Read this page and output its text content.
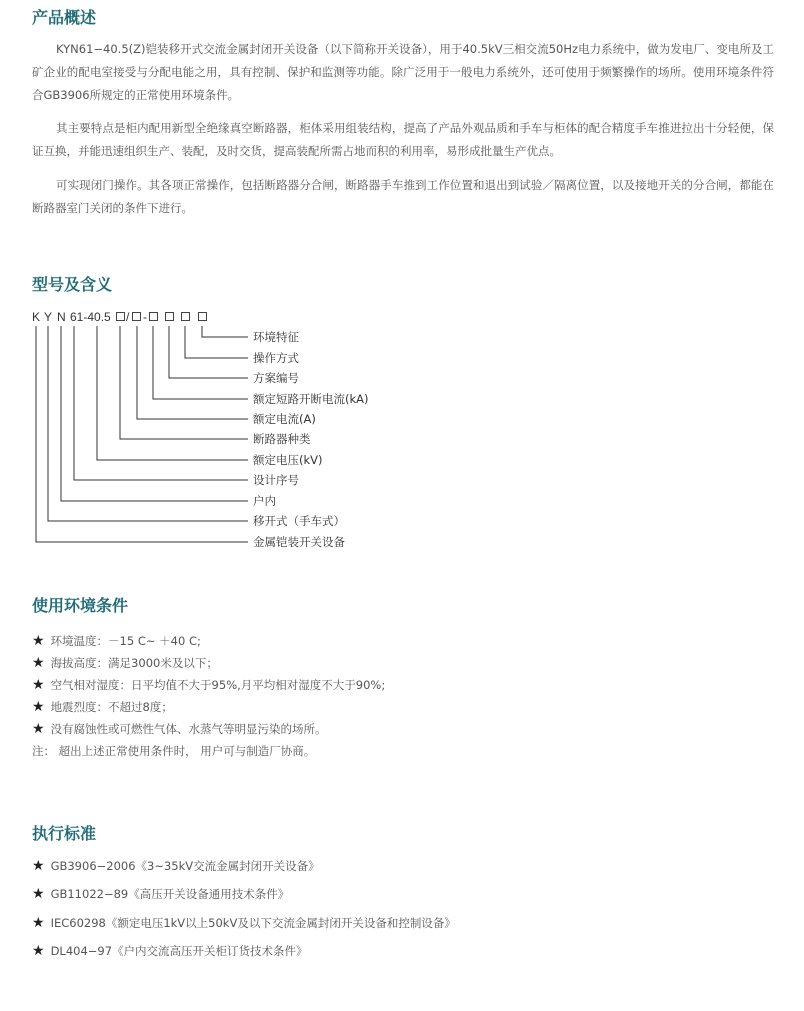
产品概述

KYN61−40.5(Z)铠装移开式交流金属封闭开关设备（以下简称开关设备），用于40.5kV三相交流50Hz电力系统中，做为发电厂、变电所及工矿企业的配电室接受与分配电能之用，具有控制、保护和监测等功能。除广泛用于一般电力系统外，还可使用于频繁操作的场所。使用环境条件符合GB3906所规定的正常使用环境条件。

其主要特点是柜内配用新型全绝缘真空断路器，柜体采用组装结构，提高了产品外观品质和手车与柜体的配合精度手车推进拉出十分轻便，保证互换，并能迅速组织生产、装配，及时交货，提高装配所需占地而积的利用率，易形成批量生产优点。

可实现闭门操作。其各项正常操作，包括断路器分合闸，断路器手车推到工作位置和退出到试验／隔离位置，以及接地开关的分合闸，都能在断路器室门关闭的条件下进行。

型号及含义
K Y N 61-40.5 / -
环境特征
操作方式
方案编号
额定短路开断电流(kA)
额定电流(A)
断路器种类
额定电压(kV)
设计序号
户内
移开式（手车式）
金属铠装开关设备
使用环境条件
★ 环境温度：－15 C~ ＋40 C;
★ 海拔高度：满足3000米及以下；
★ 空气相对湿度：日平均值不大于95%,月平均相对湿度不大于90%;
★ 地震烈度：不超过8度；
★ 没有腐蚀性或可燃性气体、水蒸气等明显污染的场所。
注： 超出上述正常使用条件时， 用户可与制造厂协商。
执行标准
★ GB3906−2006《3~35kV交流金属封闭开关设备》
★ GB11022−89《高压开关设备通用技术条件》
★ IEC60298《额定电压1kV以上50kV及以下交流金属封闭开关设备和控制设备》
★ DL404−97《户内交流高压开关柜订货技术条件》
